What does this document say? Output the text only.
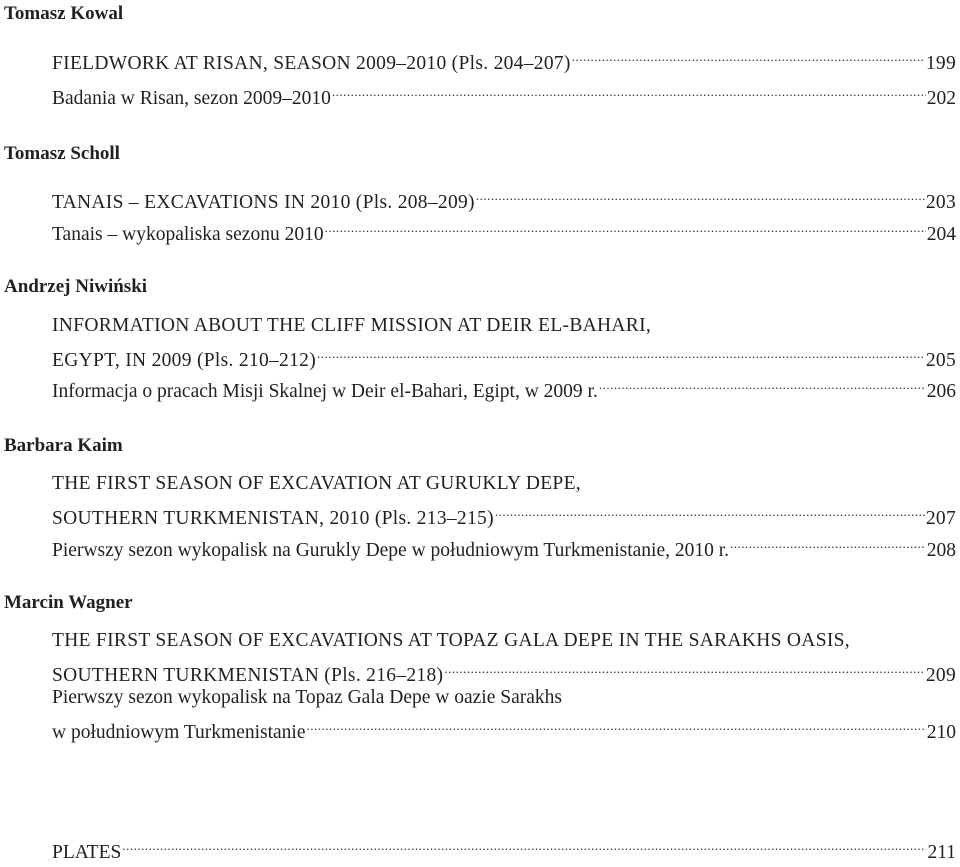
Tomasz Kowal
FIELDWORK AT RISAN, SEASON 2009–2010 (Pls. 204–207) .....	199
Badania w Risan, sezon 2009–2010 .....	202
Tomasz Scholl
TANAIS – EXCAVATIONS IN 2010 (Pls. 208–209) .....	203
Tanais – wykopaliska sezonu 2010 .....	204
Andrzej Niwiński
INFORMATION ABOUT THE CLIFF MISSION AT DEIR EL-BAHARI,
EGYPT, IN 2009 (Pls. 210–212) .....	205
Informacja o pracach Misji Skalnej w Deir el-Bahari, Egipt, w 2009 r. .....	206
Barbara Kaim
THE FIRST SEASON OF EXCAVATION AT GURUKLY DEPE,
SOUTHERN TURKMENISTAN, 2010 (Pls. 213–215) .....	207
Pierwszy sezon wykopalisk na Gurukly Depe w południowym Turkmenistanie, 2010 r. .....	208
Marcin Wagner
THE FIRST SEASON OF EXCAVATIONS AT TOPAZ GALA DEPE IN THE SARAKHS OASIS,
SOUTHERN TURKMENISTAN (Pls. 216–218) .....	209
Pierwszy sezon wykopalisk na Topaz Gala Depe w oazie Sarakhs
w południowym Turkmenistanie .....	210
PLATES .....	211
